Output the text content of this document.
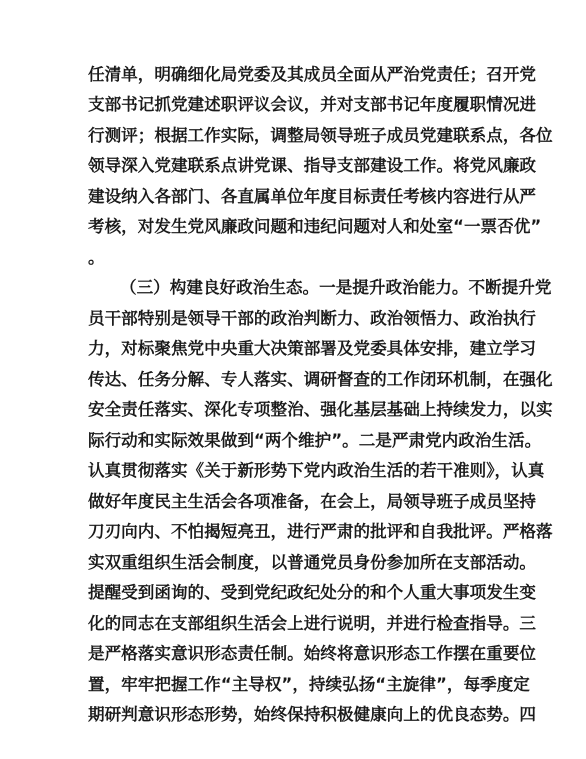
任清单，明确细化局党委及其成员全面从严治党责任；召开党
支部书记抓党建述职评议会议，并对支部书记年度履职情况进
行测评；根据工作实际，调整局领导班子成员党建联系点，各位
领导深入党建联系点讲党课、指导支部建设工作。将党风廉政
建设纳入各部门、各直属单位年度目标责任考核内容进行从严
考核，对发生党风廉政问题和违纪问题对人和处室“一票否优”
。
（三）构建良好政治生态。一是提升政治能力。不断提升党
员干部特别是领导干部的政治判断力、政治领悟力、政治执行
力，对标聚焦党中央重大决策部署及党委具体安排，建立学习
传达、任务分解、专人落实、调研督查的工作闭环机制，在强化
安全责任落实、深化专项整治、强化基层基础上持续发力，以实
际行动和实际效果做到“两个维护”。二是严肃党内政治生活。
认真贯彻落实《关于新形势下党内政治生活的若干准则》，认真
做好年度民主生活会各项准备，在会上，局领导班子成员坚持
刀刃向内、不怕揭短亮丑，进行严肃的批评和自我批评。严格落
实双重组织生活会制度，以普通党员身份参加所在支部活动。
提醒受到函询的、受到党纪政纪处分的和个人重大事项发生变
化的同志在支部组织生活会上进行说明，并进行检查指导。三
是严格落实意识形态责任制。始终将意识形态工作摆在重要位
置，牢牢把握工作“主导权”，持续弘扬“主旋律”，每季度定
期研判意识形态形势，始终保持积极健康向上的优良态势。四
